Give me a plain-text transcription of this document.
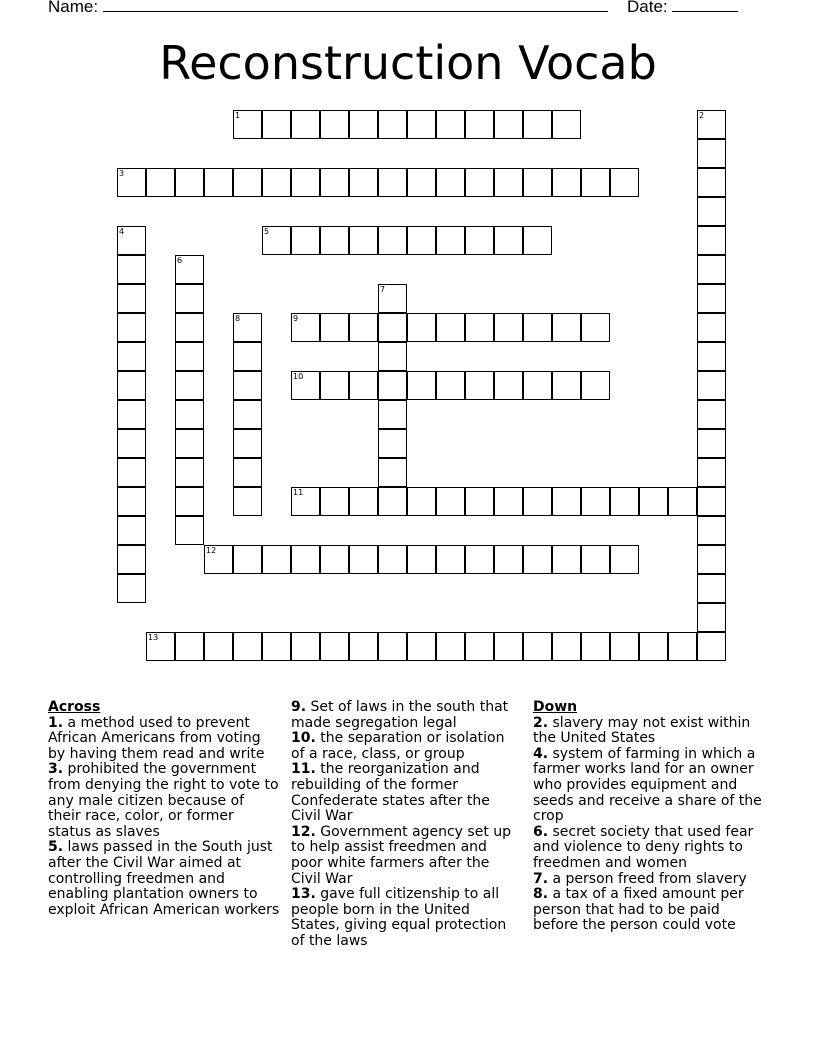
Name:	Date:
Reconstruction Vocab
1	2
3
4	5
6
7
8	9
10
11
12
13
Across
1. a method used to prevent African Americans from voting by having them read and write
3. prohibited the government from denying the right to vote to any male citizen because of their race, color, or former status as slaves
5. laws passed in the South just after the Civil War aimed at controlling freedmen and enabling plantation owners to exploit African American workers
9. Set of laws in the south that made segregation legal
10. the separation or isolation of a race, class, or group
11. the reorganization and rebuilding of the former Confederate states after the Civil War
12. Government agency set up to help assist freedmen and poor white farmers after the Civil War
13. gave full citizenship to all people born in the United States, giving equal protection of the laws
Down
2. slavery may not exist within the United States
4. system of farming in which a farmer works land for an owner who provides equipment and seeds and receive a share of the crop
6. secret society that used fear and violence to deny rights to freedmen and women
7. a person freed from slavery
8. a tax of a fixed amount per person that had to be paid before the person could vote
